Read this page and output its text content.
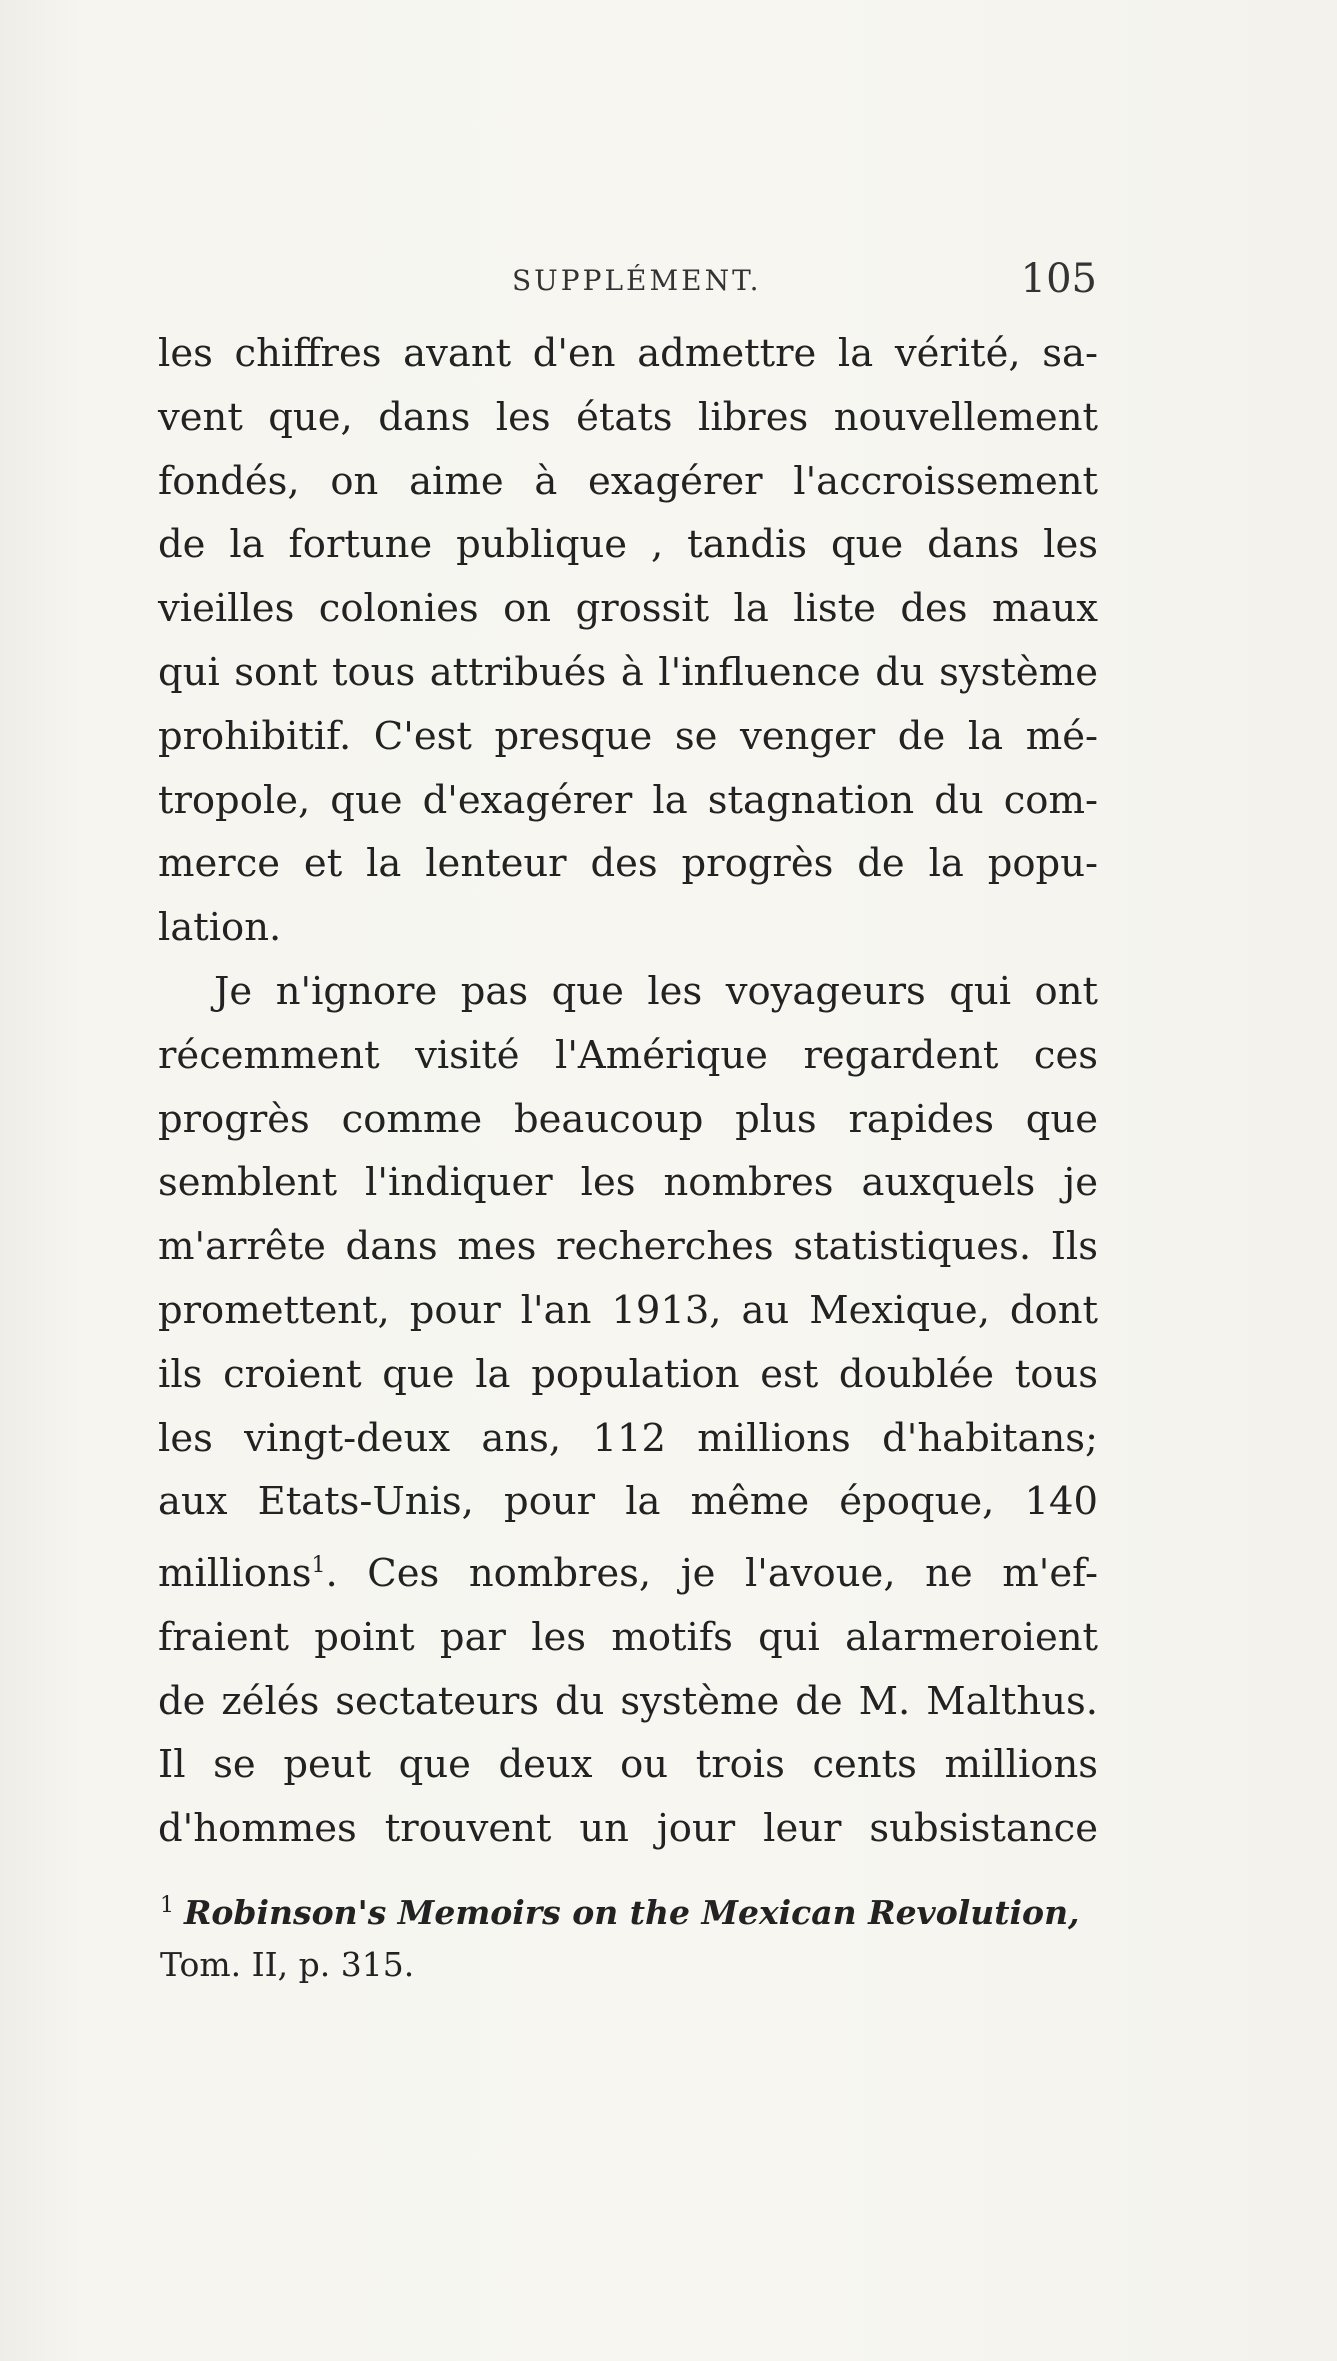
SUPPLÉMENT.	105

les chiffres avant d'en admettre la vérité, sa-
vent que, dans les états libres nouvellement
fondés, on aime à exagérer l'accroissement
de la fortune publique , tandis que dans les
vieilles colonies on grossit la liste des maux
qui sont tous attribués à l'influence du système
prohibitif. C'est presque se venger de la mé-
tropole, que d'exagérer la stagnation du com-
merce et la lenteur des progrès de la popu-
lation.

Je n'ignore pas que les voyageurs qui ont
récemment visité l'Amérique regardent ces
progrès comme beaucoup plus rapides que
semblent l'indiquer les nombres auxquels je
m'arrête dans mes recherches statistiques. Ils
promettent, pour l'an 1913, au Mexique, dont
ils croient que la population est doublée tous
les vingt-deux ans, 112 millions d'habitans;
aux Etats-Unis, pour la même époque, 140
millions$^1$. Ces nombres, je l'avoue, ne m'ef-
fraient point par les motifs qui alarmeroient
de zélés sectateurs du système de M. Malthus.
Il se peut que deux ou trois cents millions
d'hommes trouvent un jour leur subsistance

$^1$ Robinson's Memoirs on the Mexican Revolution,
Tom. II, p. 315.
